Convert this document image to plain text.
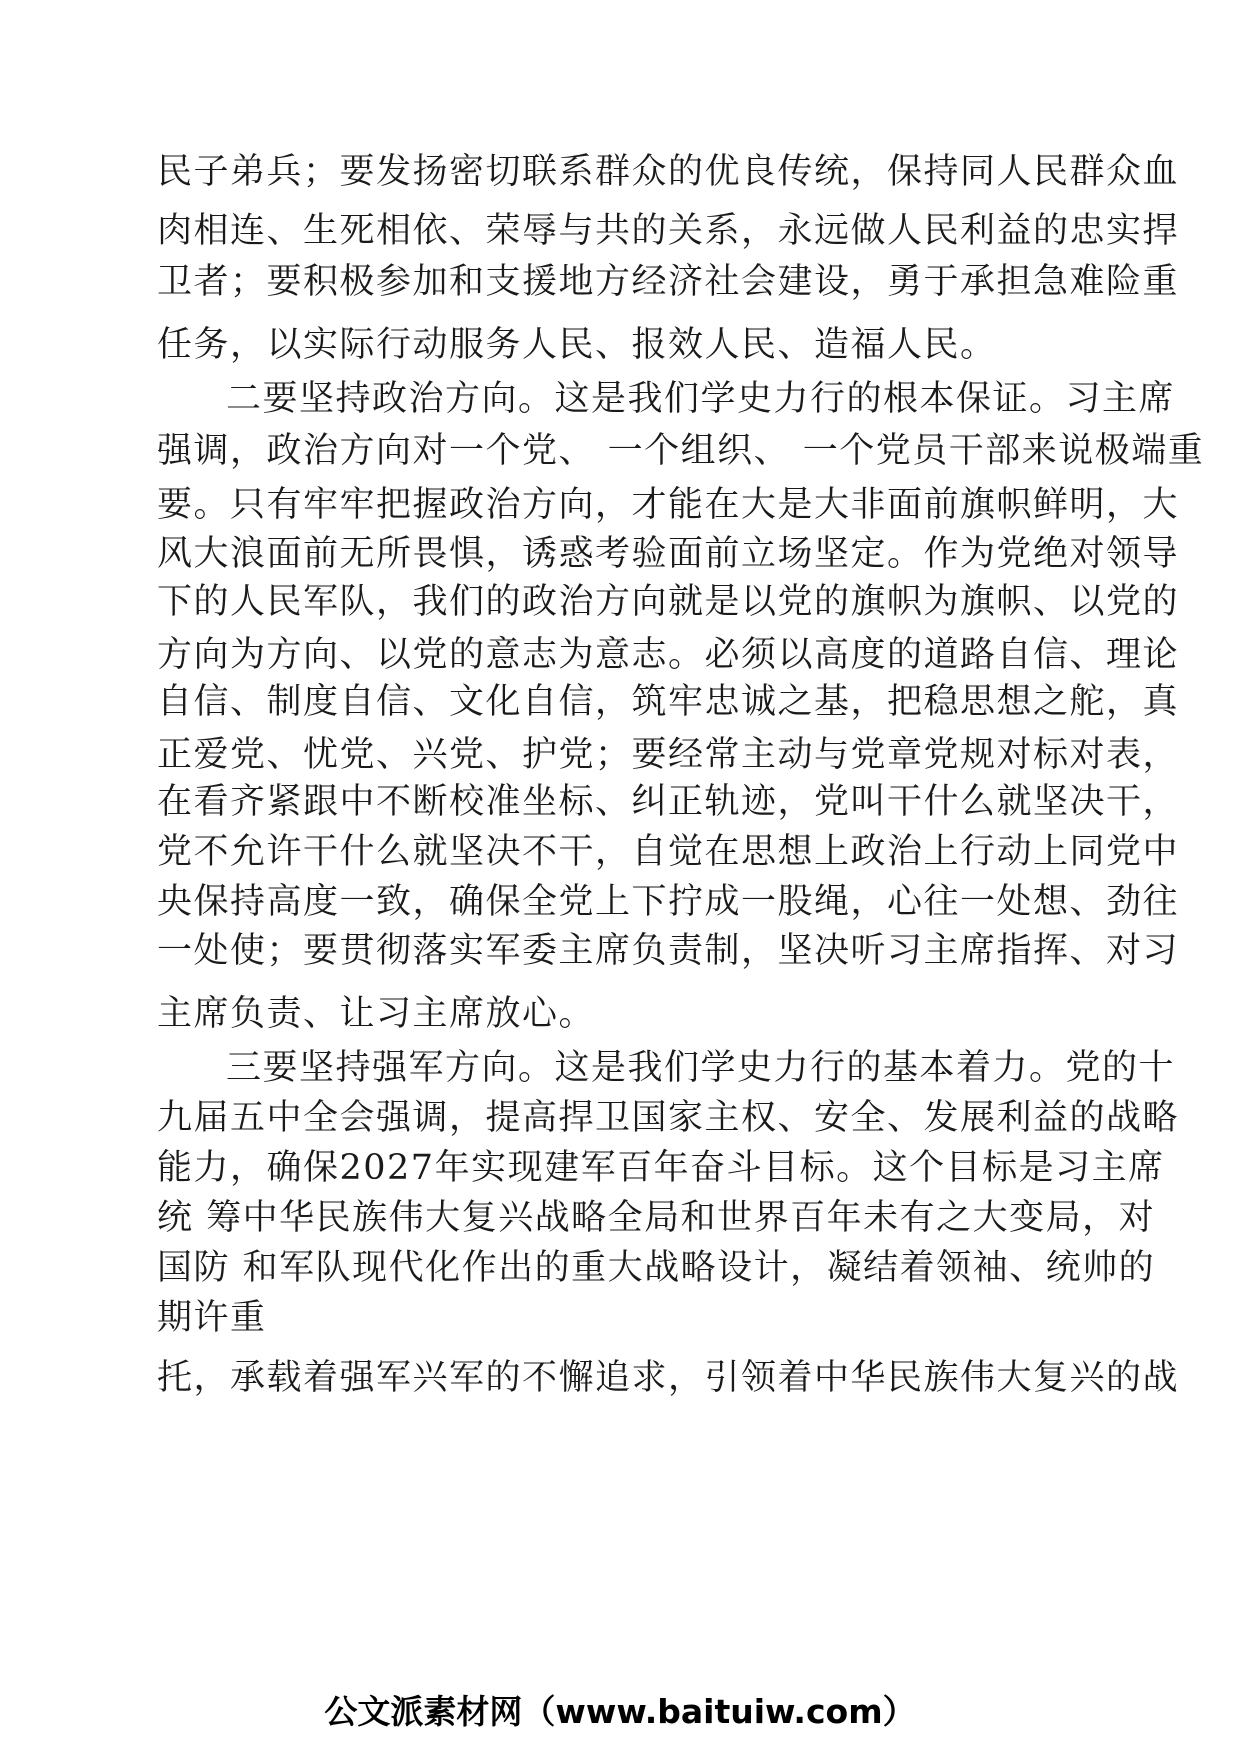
民子弟兵；要发扬密切联系群众的优良传统，保持同人民群众血
肉相连、生死相依、荣辱与共的关系，永远做人民利益的忠实捍
卫者；要积极参加和支援地方经济社会建设，勇于承担急难险重
任务，以实际行动服务人民、报效人民、造福人民。
二要坚持政治方向。这是我们学史力行的根本保证。习主席
强调，政治方向对一个党、 一个组织、 一个党员干部来说极端重
要。只有牢牢把握政治方向，才能在大是大非面前旗帜鲜明，大
风大浪面前无所畏惧，诱惑考验面前立场坚定。作为党绝对领导
下的人民军队，我们的政治方向就是以党的旗帜为旗帜、以党的
方向为方向、以党的意志为意志。必须以高度的道路自信、理论
自信、制度自信、文化自信，筑牢忠诚之基，把稳思想之舵，真
正爱党、忧党、兴党、护党；要经常主动与党章党规对标对表，
在看齐紧跟中不断校准坐标、纠正轨迹，党叫干什么就坚决干，
党不允许干什么就坚决不干，自觉在思想上政治上行动上同党中
央保持高度一致，确保全党上下拧成一股绳，心往一处想、劲往
一处使；要贯彻落实军委主席负责制，坚决听习主席指挥、对习
主席负责、让习主席放心。
三要坚持强军方向。这是我们学史力行的基本着力。党的十
九届五中全会强调，提高捍卫国家主权、安全、发展利益的战略
能力，确保2027年实现建军百年奋斗目标。这个目标是习主席
统 筹中华民族伟大复兴战略全局和世界百年未有之大变局，对
国防 和军队现代化作出的重大战略设计，凝结着领袖、统帅的
期许重
托，承载着强军兴军的不懈追求，引领着中华民族伟大复兴的战
公文派素材网（www.baituiw.com）
